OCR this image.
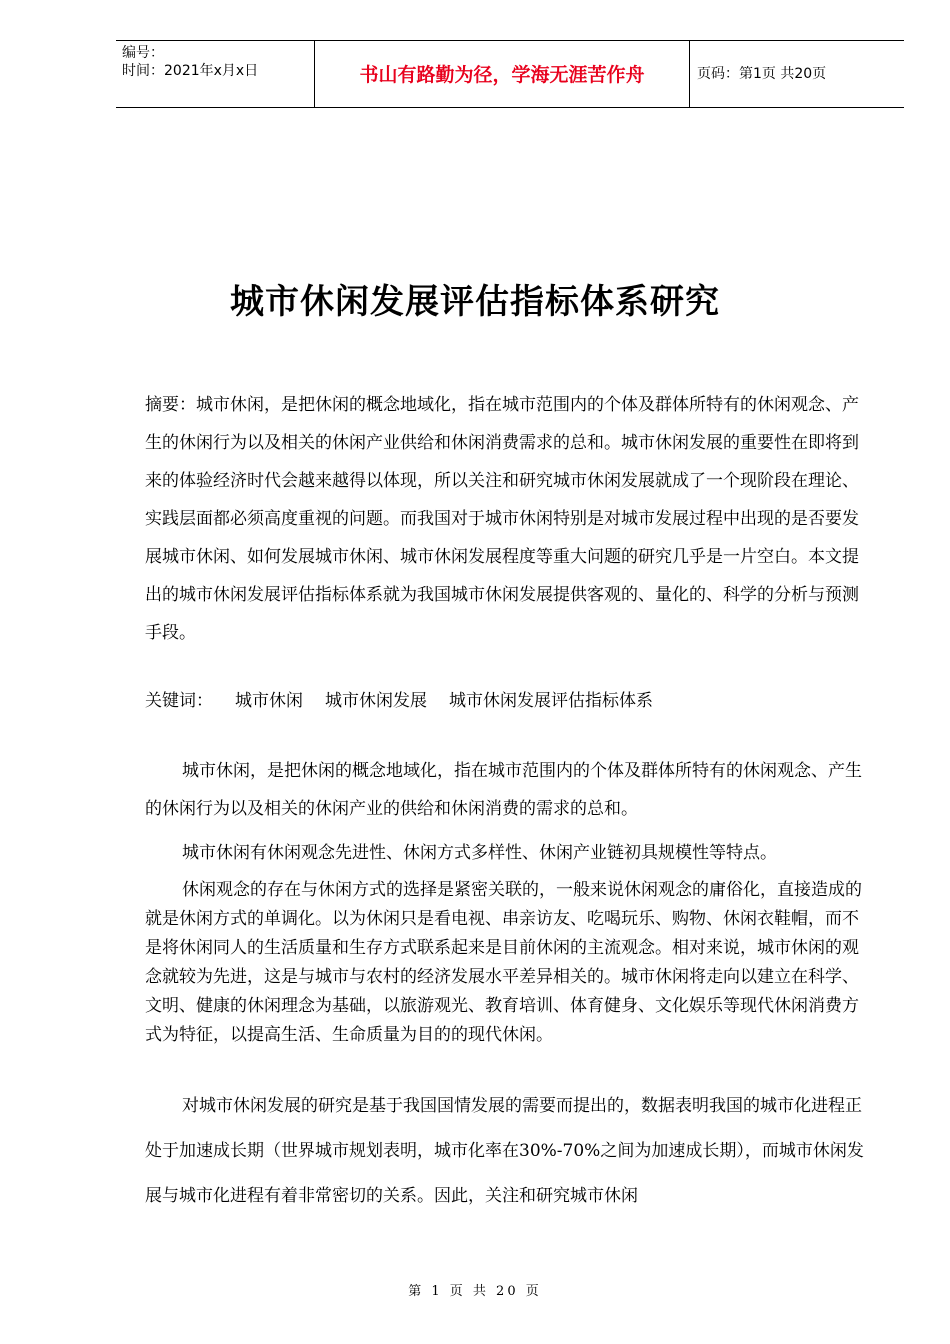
编号：
时间：2021年x月x日	书山有路勤为径，学海无涯苦作舟	页码：第1页 共20页
城市休闲发展评估指标体系研究

摘要：城市休闲，是把休闲的概念地域化，指在城市范围内的个体及群体所特有的休闲观念、产生的休闲行为以及相关的休闲产业供给和休闲消费需求的总和。城市休闲发展的重要性在即将到来的体验经济时代会越来越得以体现，所以关注和研究城市休闲发展就成了一个现阶段在理论、实践层面都必须高度重视的问题。而我国对于城市休闲特别是对城市发展过程中出现的是否要发展城市休闲、如何发展城市休闲、城市休闲发展程度等重大问题的研究几乎是一片空白。本文提出的城市休闲发展评估指标体系就为我国城市休闲发展提供客观的、量化的、科学的分析与预测手段。

关键词： 城市休闲 城市休闲发展 城市休闲发展评估指标体系

城市休闲，是把休闲的概念地域化，指在城市范围内的个体及群体所特有的休闲观念、产生的休闲行为以及相关的休闲产业的供给和休闲消费的需求的总和。

城市休闲有休闲观念先进性、休闲方式多样性、休闲产业链初具规模性等特点。

休闲观念的存在与休闲方式的选择是紧密关联的，一般来说休闲观念的庸俗化，直接造成的就是休闲方式的单调化。以为休闲只是看电视、串亲访友、吃喝玩乐、购物、休闲衣鞋帽，而不是将休闲同人的生活质量和生存方式联系起来是目前休闲的主流观念。相对来说，城市休闲的观念就较为先进，这是与城市与农村的经济发展水平差异相关的。城市休闲将走向以建立在科学、文明、健康的休闲理念为基础，以旅游观光、教育培训、体育健身、文化娱乐等现代休闲消费方式为特征，以提高生活、生命质量为目的的现代休闲。

对城市休闲发展的研究是基于我国国情发展的需要而提出的，数据表明我国的城市化进程正处于加速成长期（世界城市规划表明，城市化率在30%-70%之间为加速成长期），而城市休闲发展与城市化进程有着非常密切的关系。因此，关注和研究城市休闲

第 1 页 共 20 页
